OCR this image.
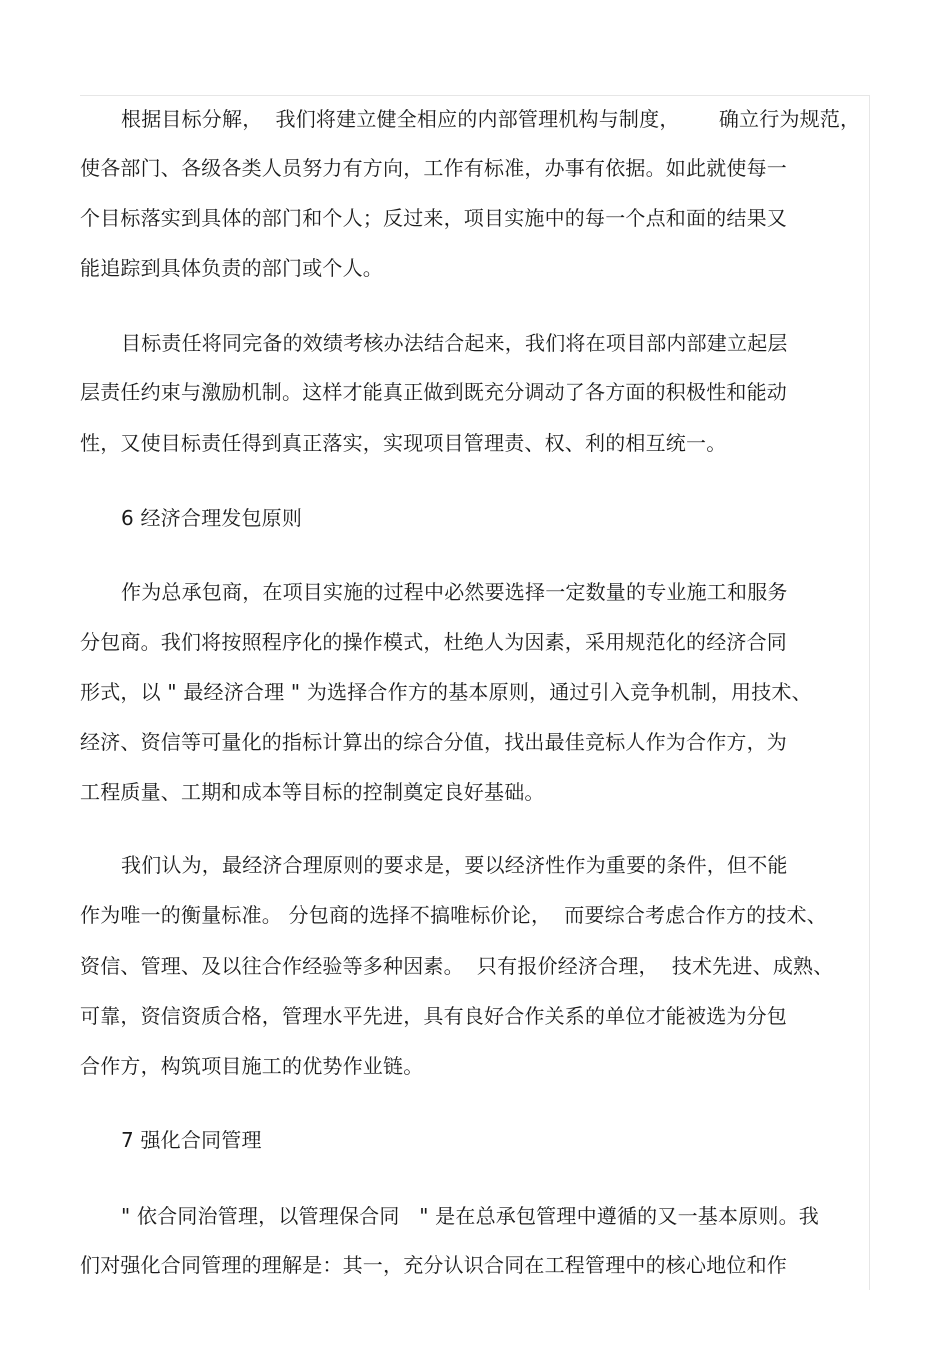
根据目标分解，  我们将建立健全相应的内部管理机构与制度，      确立行为规范，
使各部门、各级各类人员努力有方向，工作有标准，办事有依据。如此就使每一
个目标落实到具体的部门和个人；反过来，项目实施中的每一个点和面的结果又
能追踪到具体负责的部门或个人。
目标责任将同完备的效绩考核办法结合起来，我们将在项目部内部建立起层
层责任约束与激励机制。这样才能真正做到既充分调动了各方面的积极性和能动
性，又使目标责任得到真正落实，实现项目管理责、权、利的相互统一。
6 经济合理发包原则
作为总承包商，在项目实施的过程中必然要选择一定数量的专业施工和服务
分包商。我们将按照程序化的操作模式，杜绝人为因素，采用规范化的经济合同
形式，以 " 最经济合理 " 为选择合作方的基本原则，通过引入竞争机制，用技术、
经济、资信等可量化的指标计算出的综合分值，找出最佳竞标人作为合作方，为
工程质量、工期和成本等目标的控制奠定良好基础。
我们认为，最经济合理原则的要求是，要以经济性作为重要的条件，但不能
作为唯一的衡量标准。 分包商的选择不搞唯标价论，  而要综合考虑合作方的技术、
资信、管理、及以往合作经验等多种因素。  只有报价经济合理，  技术先进、成熟、
可靠，资信资质合格，管理水平先进，具有良好合作关系的单位才能被选为分包
合作方，构筑项目施工的优势作业链。
7 强化合同管理
" 依合同治管理，以管理保合同   " 是在总承包管理中遵循的又一基本原则。我
们对强化合同管理的理解是：其一，充分认识合同在工程管理中的核心地位和作
